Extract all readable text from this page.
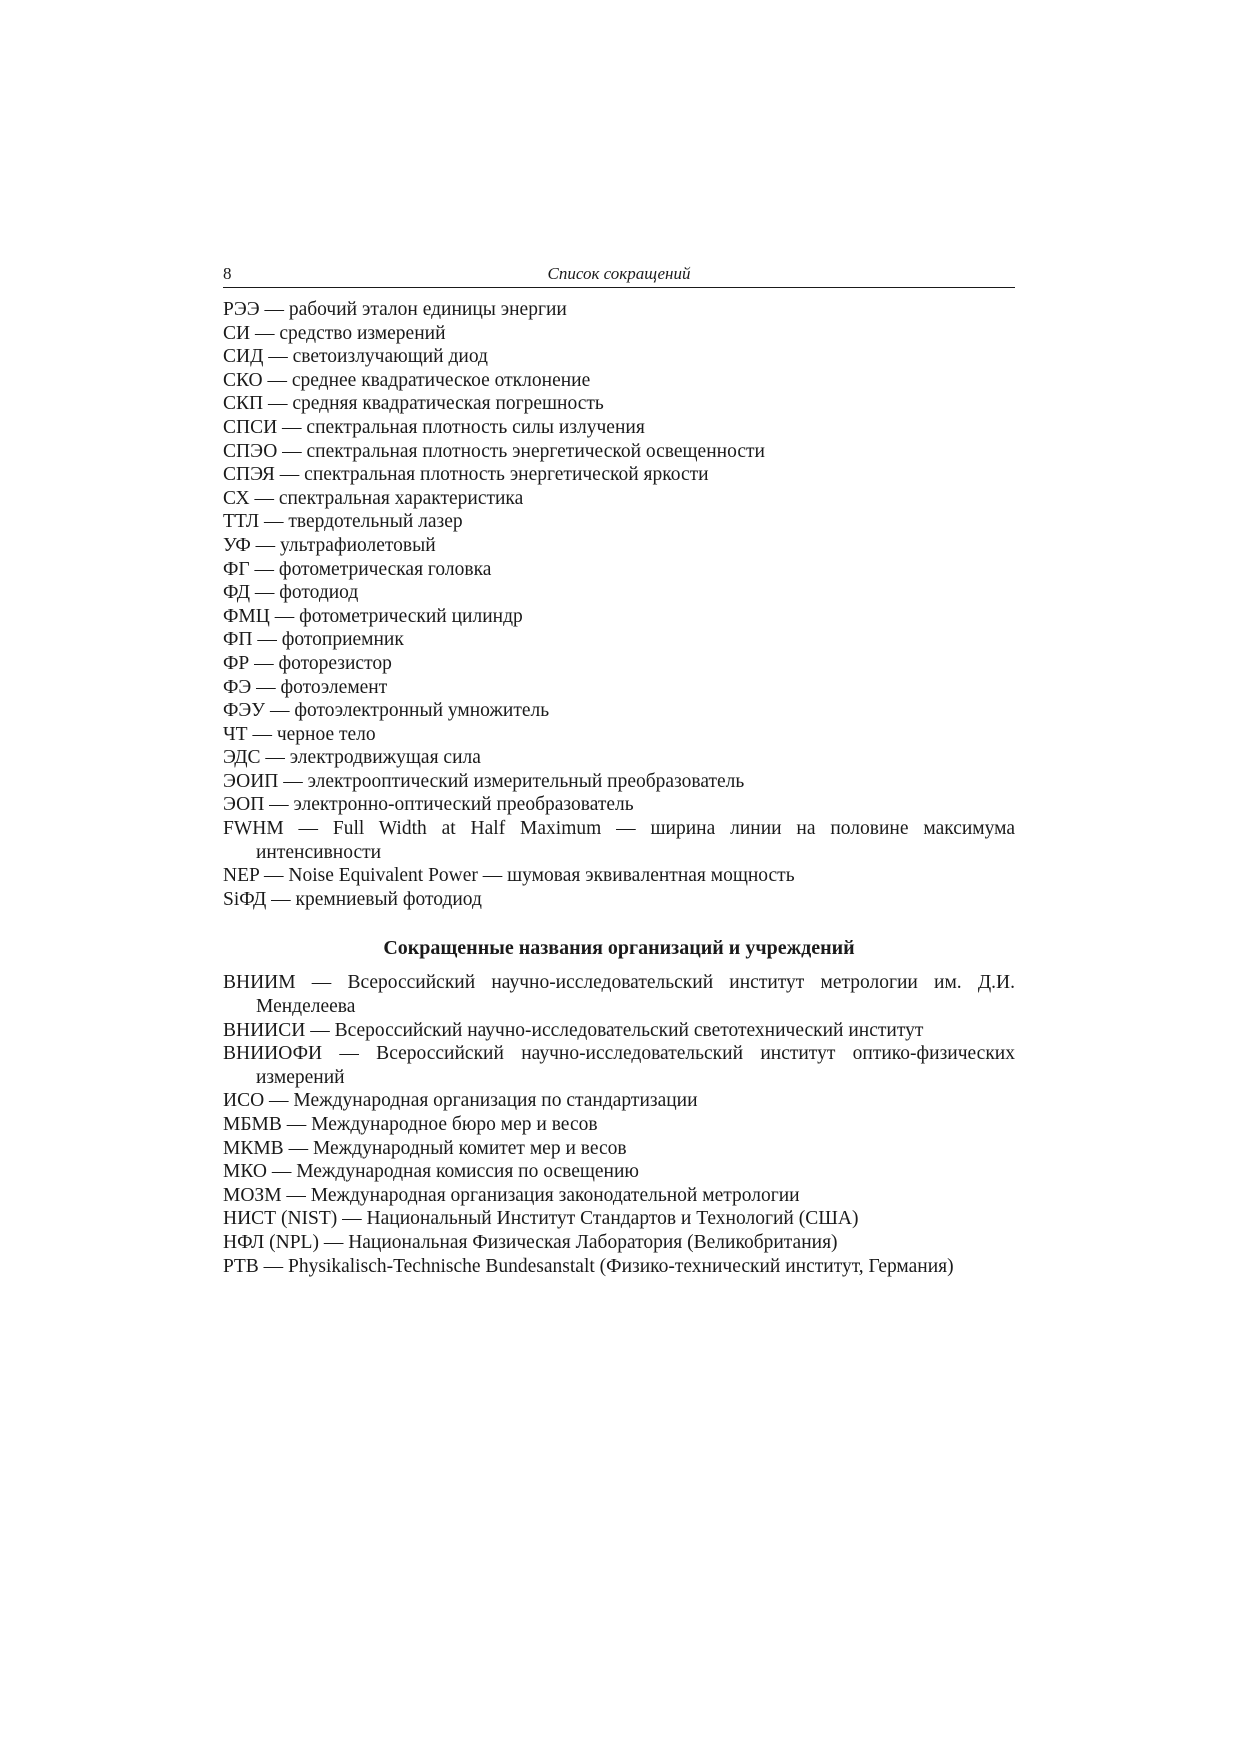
8	Список сокращений
РЭЭ — рабочий эталон единицы энергии
СИ — средство измерений
СИД — светоизлучающий диод
СКО — среднее квадратическое отклонение
СКП — средняя квадратическая погрешность
СПСИ — спектральная плотность силы излучения
СПЭО — спектральная плотность энергетической освещенности
СПЭЯ — спектральная плотность энергетической яркости
СХ — спектральная характеристика
ТТЛ — твердотельный лазер
УФ — ультрафиолетовый
ФГ — фотометрическая головка
ФД — фотодиод
ФМЦ — фотометрический цилиндр
ФП — фотоприемник
ФР — фоторезистор
ФЭ — фотоэлемент
ФЭУ — фотоэлектронный умножитель
ЧТ — черное тело
ЭДС — электродвижущая сила
ЭОИП — электрооптический измерительный преобразователь
ЭОП — электронно-оптический преобразователь
FWHM — Full Width at Half Maximum — ширина линии на половине максимума интенсивности
NEP — Noise Equivalent Power — шумовая эквивалентная мощность
SiФД — кремниевый фотодиод
Сокращенные названия организаций и учреждений
ВНИИМ — Всероссийский научно-исследовательский институт метрологии им. Д.И. Менделеева
ВНИИСИ — Всероссийский научно-исследовательский светотехнический институт
ВНИИОФИ — Всероссийский научно-исследовательский институт оптико-физических измерений
ИСО — Международная организация по стандартизации
МБМВ — Международное бюро мер и весов
МКМВ — Международный комитет мер и весов
МКО — Международная комиссия по освещению
МОЗМ — Международная организация законодательной метрологии
НИСТ (NIST) — Национальный Институт Стандартов и Технологий (США)
НФЛ (NPL) — Национальная Физическая Лаборатория (Великобритания)
PTB — Physikalisch-Technische Bundesanstalt (Физико-технический институт, Германия)
